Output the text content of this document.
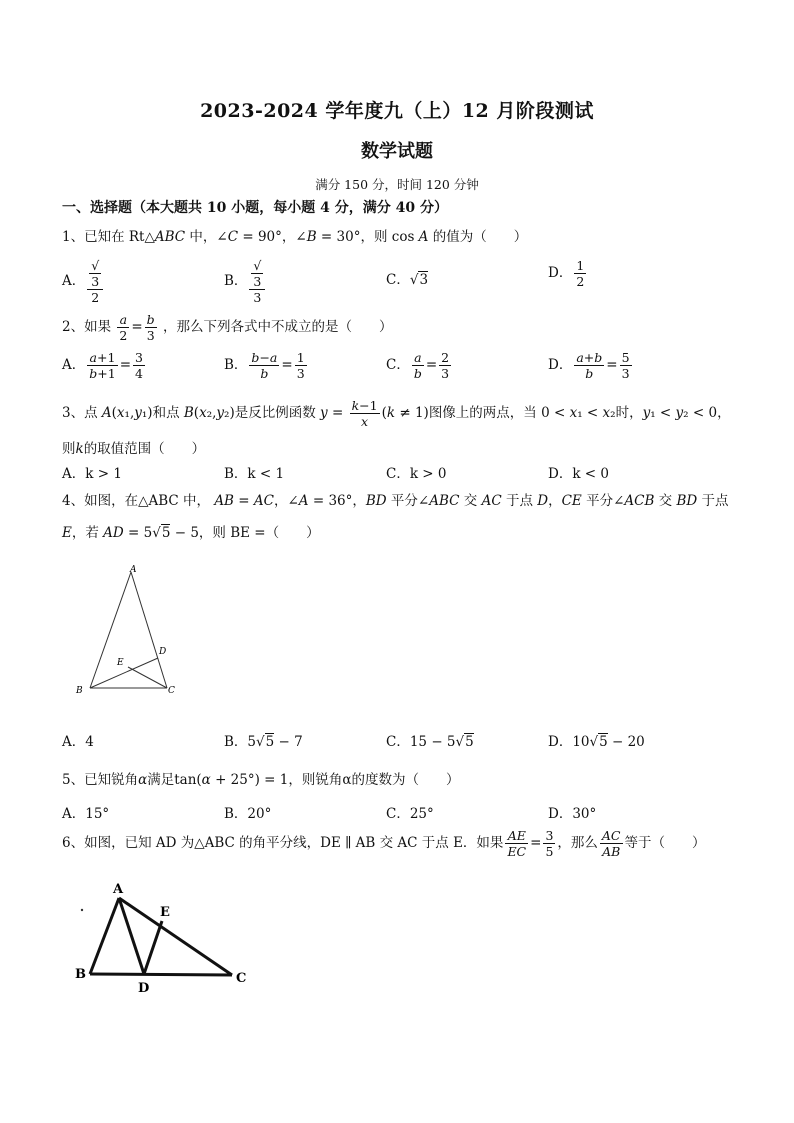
2023-2024 学年度九（上）12 月阶段测试
数学试题
满分 150 分，时间 120 分钟
一、选择题（本大题共 10 小题，每小题 4 分，满分 40 分）
1、已知在 Rt△ABC 中，∠C = 90°，∠B = 30°，则 cos A 的值为（　　）
A． √
3
2	B． √
3
3	C．√3	D． $\frac{1}{2}$
2、如果 $\frac{a}{2} = \frac{b}{3}$ ，那么下列各式中不成立的是（　　）
A． $\frac{a+1}{b+1} = \frac{3}{4}$	B． $\frac{b-a}{b} = \frac{1}{3}$	C． $\frac{a}{b} = \frac{2}{3}$	D． $\frac{a+b}{b} = \frac{5}{3}$
3、点 A(x₁,y₁)和点 B(x₂,y₂)是反比例函数 $y = \frac{k-1}{x} (k \ne 1)$图像上的两点，当 0 < x₁ < x₂时，y₁ < y₂ < 0，
则k的取值范围（　　）
A．k > 1	B．k < 1	C．k > 0	D．k < 0
4、如图，在△ABC 中， AB = AC，∠A = 36°，BD 平分∠ABC 交 AC 于点 D，CE 平分∠ACB 交 BD 于点
E，若 AD = 5√5 − 5，则 BE =（　　）
A
B	C
D
E
A．4	B．5√5 − 7	C．15 − 5√5	D．10√5 − 20
5、已知锐角α满足tan(α + 25°) = 1，则锐角α的度数为（　　）
A．15°	B．20°	C．25°	D．30°
6、如图，已知 AD 为△ABC 的角平分线，DE ∥ AB 交 AC 于点 E．如果 $\frac{AE}{EC} = \frac{3}{5}$ ，那么 $\frac{AC}{AB}$ 等于（　　）
A
B	C
D
E
